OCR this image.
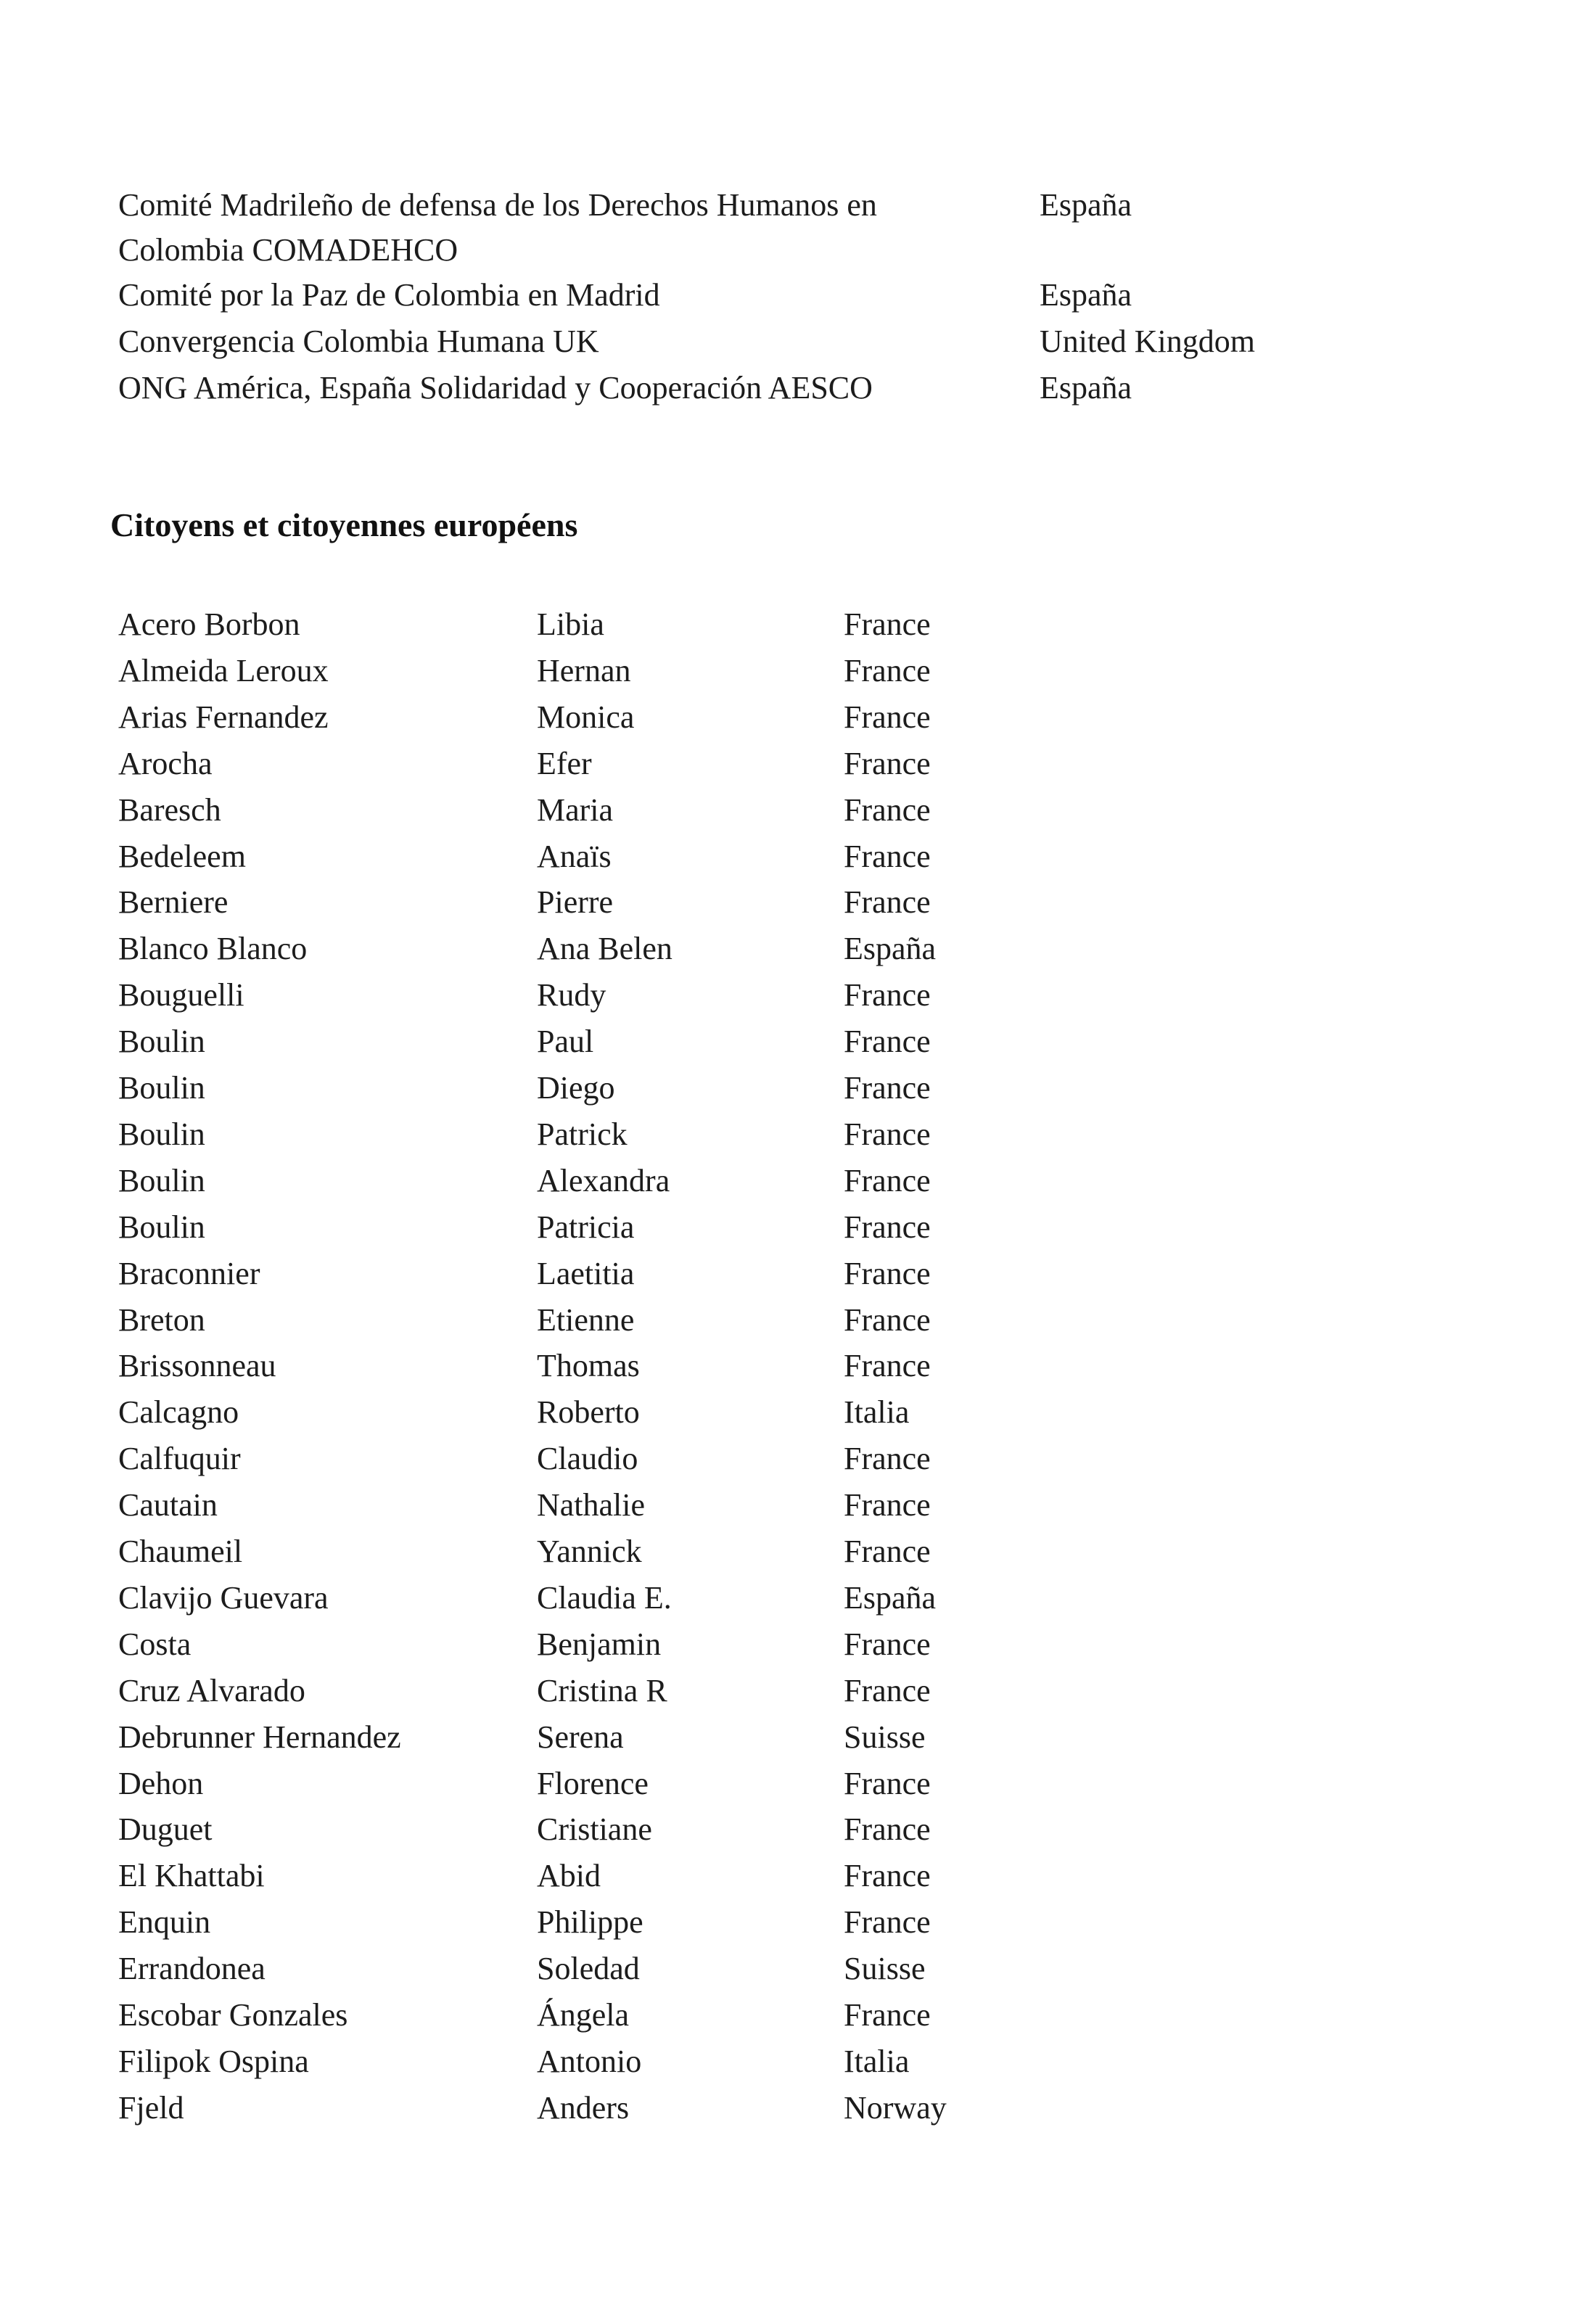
Comité Madrileño de defensa de los Derechos Humanos en	España
Colombia COMADEHCO
Comité por la Paz de Colombia en Madrid	España
Convergencia Colombia Humana UK	United Kingdom
ONG América, España Solidaridad y Cooperación AESCO	España
Citoyens et citoyennes européens
Acero Borbon	Libia	France
Almeida Leroux	Hernan	France
Arias Fernandez	Monica	France
Arocha	Efer	France
Baresch	Maria	France
Bedeleem	Anaïs	France
Berniere	Pierre	France
Blanco Blanco	Ana Belen	España
Bouguelli	Rudy	France
Boulin	Paul	France
Boulin	Diego	France
Boulin	Patrick	France
Boulin	Alexandra	France
Boulin	Patricia	France
Braconnier	Laetitia	France
Breton	Etienne	France
Brissonneau	Thomas	France
Calcagno	Roberto	Italia
Calfuquir	Claudio	France
Cautain	Nathalie	France
Chaumeil	Yannick	France
Clavijo Guevara	Claudia E.	España
Costa	Benjamin	France
Cruz Alvarado	Cristina R	France
Debrunner Hernandez	Serena	Suisse
Dehon	Florence	France
Duguet	Cristiane	France
El Khattabi	Abid	France
Enquin	Philippe	France
Errandonea	Soledad	Suisse
Escobar Gonzales	Ángela	France
Filipok Ospina	Antonio	Italia
Fjeld	Anders	Norway
